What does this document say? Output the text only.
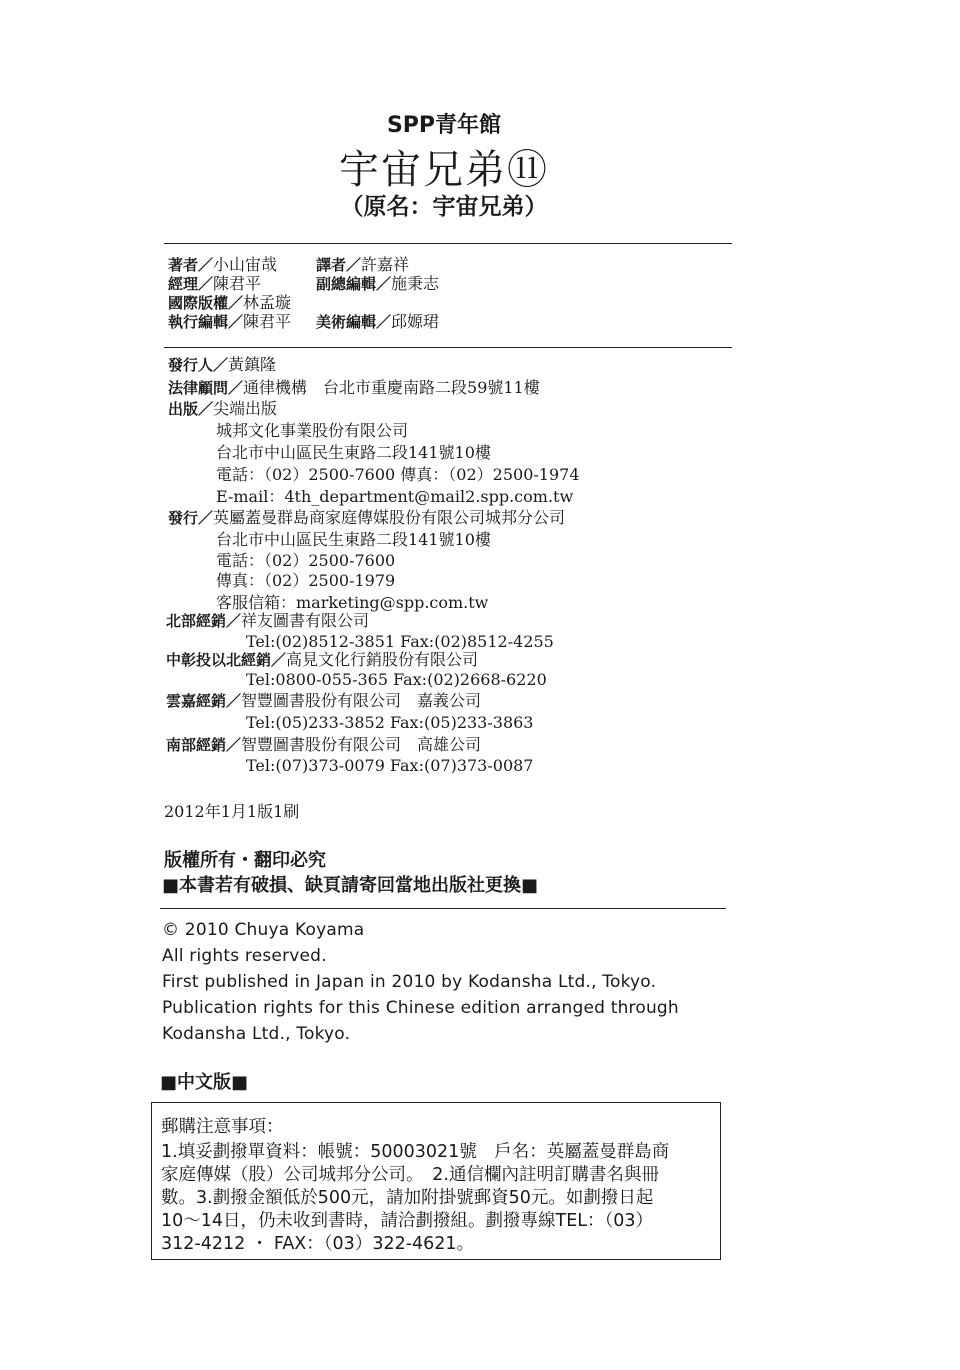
SPP青年館
宇宙兄弟⑪
（原名：宇宙兄弟）
著者／小山宙哉	譯者／許嘉祥
經理／陳君平	副總編輯／施秉志
國際版權／林孟璇
執行編輯／陳君平 美術編輯／邱嫄珺
發行人／黃鎮隆
法律顧問／通律機構　台北市重慶南路二段59號11樓
出版／尖端出版
城邦文化事業股份有限公司
台北市中山區民生東路二段141號10樓
電話：（02）2500-7600 傳真：（02）2500-1974
E-mail：4th_department@mail2.spp.com.tw
發行／英屬蓋曼群島商家庭傳媒股份有限公司城邦分公司
台北市中山區民生東路二段141號10樓
電話：（02）2500-7600
傳真：（02）2500-1979
客服信箱：marketing@spp.com.tw
北部經銷／祥友圖書有限公司
Tel:(02)8512-3851 Fax:(02)8512-4255
中彰投以北經銷／高見文化行銷股份有限公司
Tel:0800-055-365 Fax:(02)2668-6220
雲嘉經銷／智豐圖書股份有限公司　嘉義公司
Tel:(05)233-3852 Fax:(05)233-3863
南部經銷／智豐圖書股份有限公司　高雄公司
Tel:(07)373-0079 Fax:(07)373-0087
2012年1月1版1刷
版權所有・翻印必究
■本書若有破損、缺頁請寄回當地出版社更換■
© 2010 Chuya Koyama
All rights reserved.
First published in Japan in 2010 by Kodansha Ltd., Tokyo.
Publication rights for this Chinese edition arranged through
Kodansha Ltd., Tokyo.
■中文版■
郵購注意事項：
1.填妥劃撥單資料：帳號：50003021號　戶名：英屬蓋曼群島商
家庭傳媒（股）公司城邦分公司。　2.通信欄內註明訂購書名與冊
數。3.劃撥金額低於500元，請加附掛號郵資50元。如劃撥日起
10～14日，仍未收到書時，請洽劃撥組。劃撥專線TEL：（03）
312-4212 ・ FAX：（03）322-4621。
